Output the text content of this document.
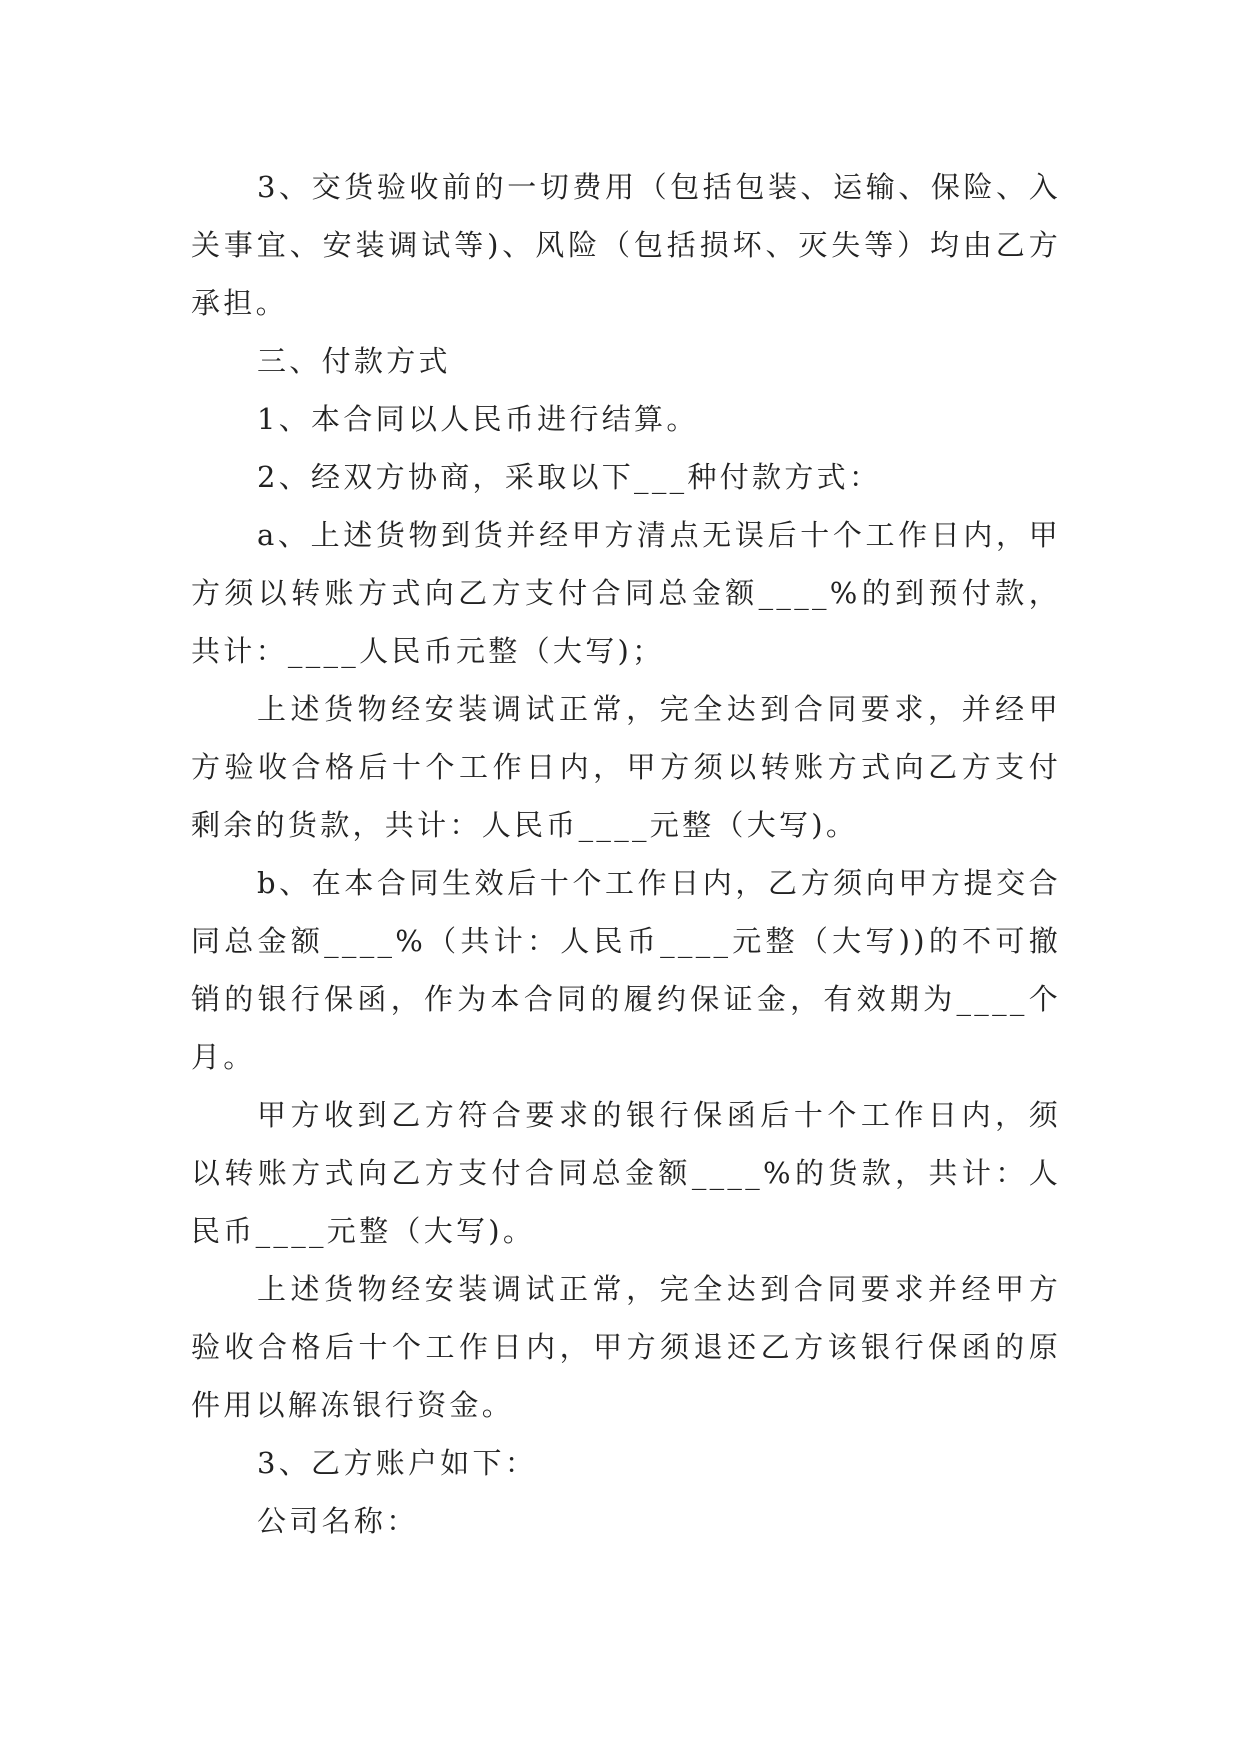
3、交货验收前的一切费用（包括包装、运输、保险、入关事宜、安装调试等)、风险（包括损坏、灭失等）均由乙方承担。

三、付款方式

1、本合同以人民币进行结算。

2、经双方协商，采取以下___种付款方式：

a、上述货物到货并经甲方清点无误后十个工作日内，甲方须以转账方式向乙方支付合同总金额____%的到预付款，共计：____人民币元整（大写)；

上述货物经安装调试正常，完全达到合同要求，并经甲方验收合格后十个工作日内，甲方须以转账方式向乙方支付剩余的货款，共计：人民币____元整（大写)。

b、在本合同生效后十个工作日内，乙方须向甲方提交合同总金额____%（共计：人民币____元整（大写))的不可撤销的银行保函，作为本合同的履约保证金，有效期为____个月。

甲方收到乙方符合要求的银行保函后十个工作日内，须以转账方式向乙方支付合同总金额____%的货款，共计：人民币____元整（大写)。

上述货物经安装调试正常，完全达到合同要求并经甲方验收合格后十个工作日内，甲方须退还乙方该银行保函的原件用以解冻银行资金。

3、乙方账户如下：

公司名称：
